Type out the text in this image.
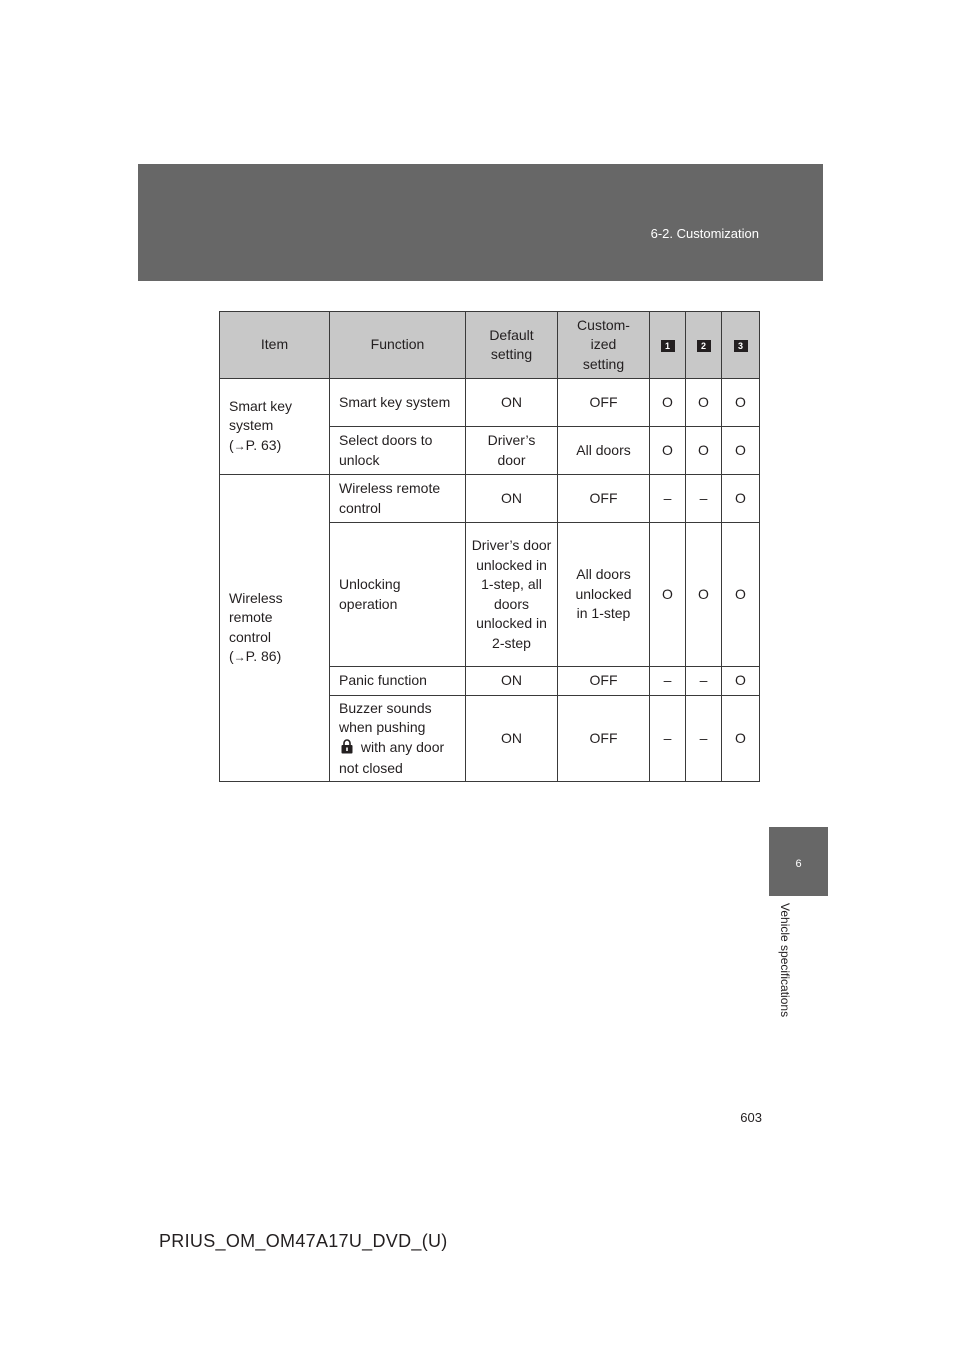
6-2. Customization
Item	Function	Default setting	Custom- ized setting	1	2	3

Smart key
system
(→P. 63)	Smart key system	ON	OFF	O	O	O
	Select doors to unlock	Driver’s door	All doors	O	O	O

Wireless
remote
control
(→P. 86)	Wireless remote control	ON	OFF	–	–	O

	Unlocking operation	Driver’s door unlocked in 1-step, all doors unlocked in 2-step	All doors unlocked in 1-step	O	O	O
	Panic function	ON	OFF	–	–	O

	Buzzer sounds when pushing  with any door not closed	ON	OFF	–	–	O
6
Vehicle specifications
603
PRIUS_OM_OM47A17U_DVD_(U)
